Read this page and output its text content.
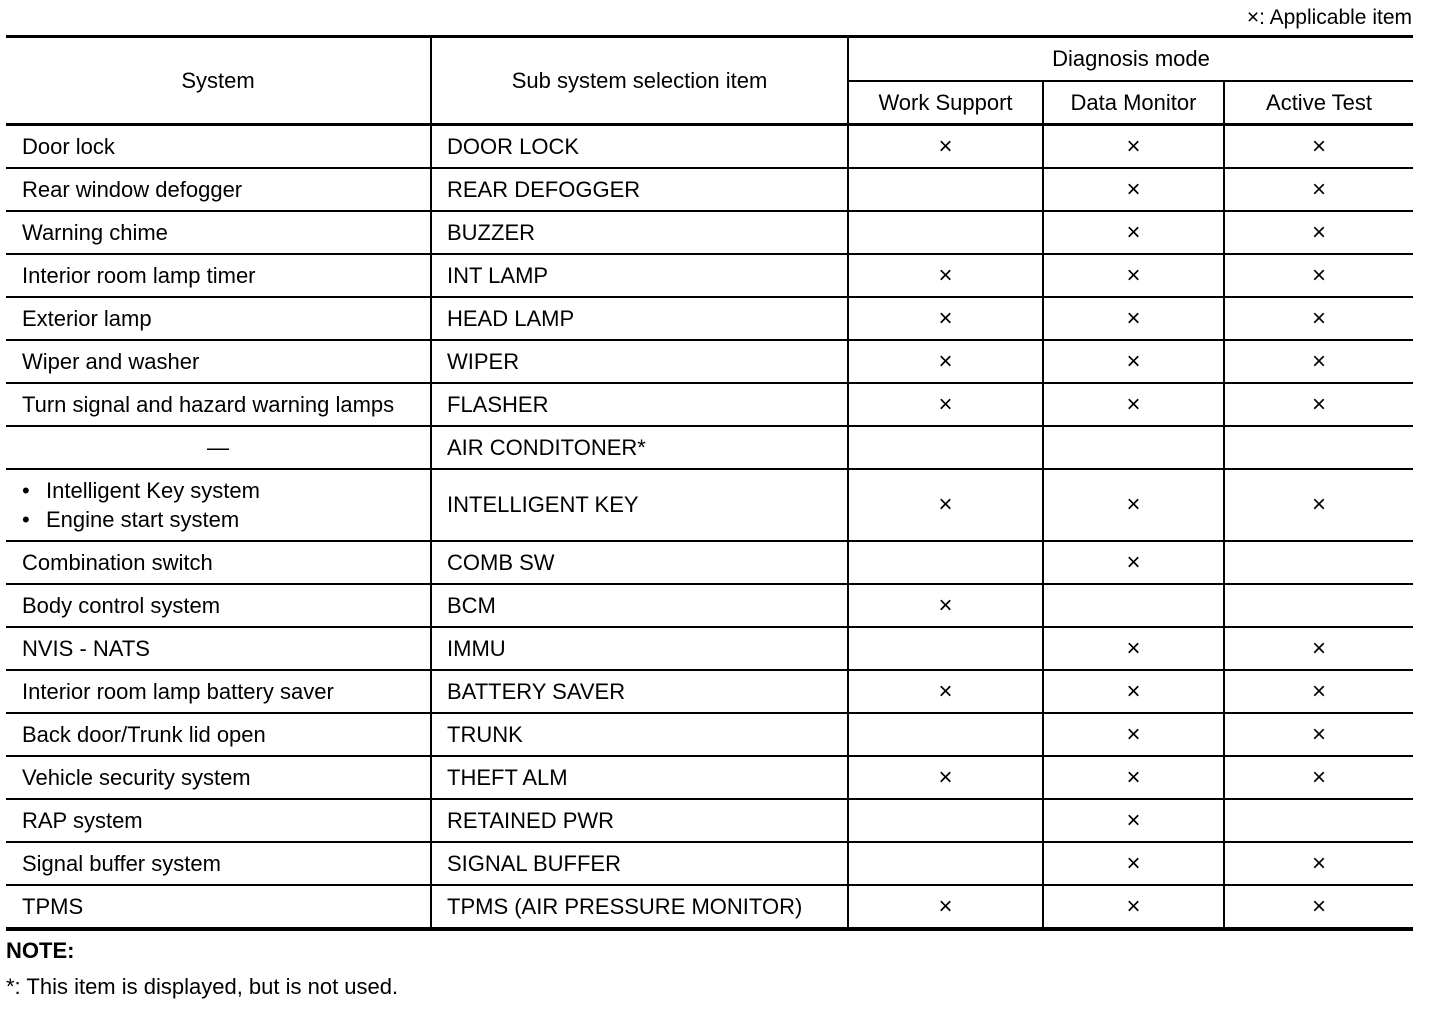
×: Applicable item
System	Sub system selection item	Diagnosis mode		
		Work Support	Data Monitor	Active Test
Door lock	DOOR LOCK	×	×	×
Rear window defogger	REAR DEFOGGER		×	×
Warning chime	BUZZER		×	×
Interior room lamp timer	INT LAMP	×	×	×
Exterior lamp	HEAD LAMP	×	×	×
Wiper and washer	WIPER	×	×	×
Turn signal and hazard warning lamps	FLASHER	×	×	×
—	AIR CONDITONER*			

• Intelligent Key system
• Engine start system	INTELLIGENT KEY	×	×	×
Combination switch	COMB SW		×	
Body control system	BCM	×		
NVIS - NATS	IMMU		×	×
Interior room lamp battery saver	BATTERY SAVER	×	×	×
Back door/Trunk lid open	TRUNK		×	×
Vehicle security system	THEFT ALM	×	×	×
RAP system	RETAINED PWR		×	
Signal buffer system	SIGNAL BUFFER		×	×
TPMS	TPMS (AIR PRESSURE MONITOR)	×	×	×
NOTE:
*: This item is displayed, but is not used.
